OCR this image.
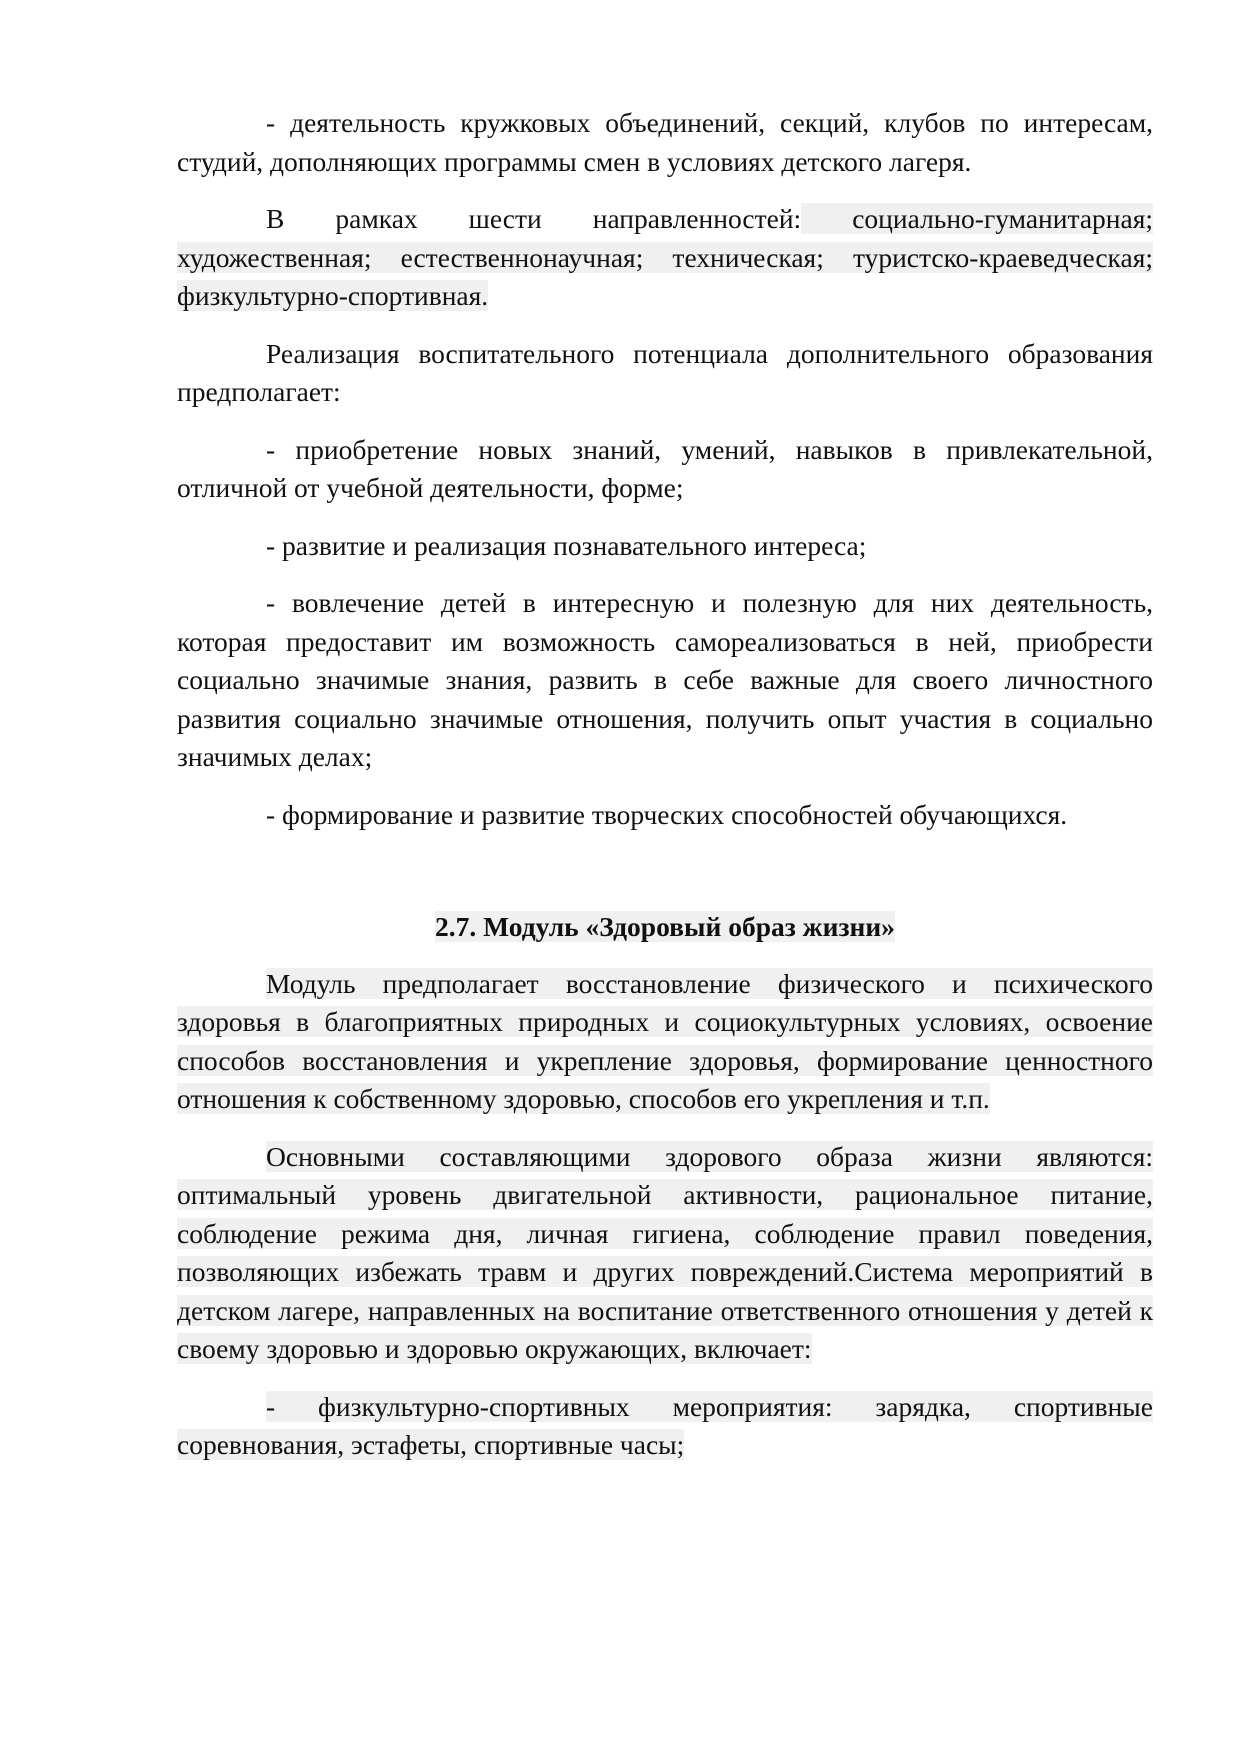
- деятельность кружковых объединений, секций, клубов по интересам, студий, дополняющих программы смен в условиях детского лагеря.

В рамках шести направленностей: социально-гуманитарная; художественная; естественнонаучная; техническая; туристско-краеведческая; физкультурно-спортивная.

Реализация воспитательного потенциала дополнительного образования предполагает:

- приобретение новых знаний, умений, навыков в привлекательной, отличной от учебной деятельности, форме;

- развитие и реализация познавательного интереса;

- вовлечение детей в интересную и полезную для них деятельность, которая предоставит им возможность самореализоваться в ней, приобрести социально значимые знания, развить в себе важные для своего личностного развития социально значимые отношения, получить опыт участия в социально значимых делах;

- формирование и развитие творческих способностей обучающихся.

2.7. Модуль «Здоровый образ жизни»

Модуль предполагает восстановление физического и психического здоровья в благоприятных природных и социокультурных условиях, освоение способов восстановления и укрепление здоровья, формирование ценностного отношения к собственному здоровью, способов его укрепления и т.п.

Основными составляющими здорового образа жизни являются: оптимальный уровень двигательной активности, рациональное питание, соблюдение режима дня, личная гигиена, соблюдение правил поведения, позволяющих избежать травм и других повреждений.Система мероприятий в детском лагере, направленных на воспитание ответственного отношения у детей к своему здоровью и здоровью окружающих, включает:

- физкультурно-спортивных мероприятия: зарядка, спортивные соревнования, эстафеты, спортивные часы;
